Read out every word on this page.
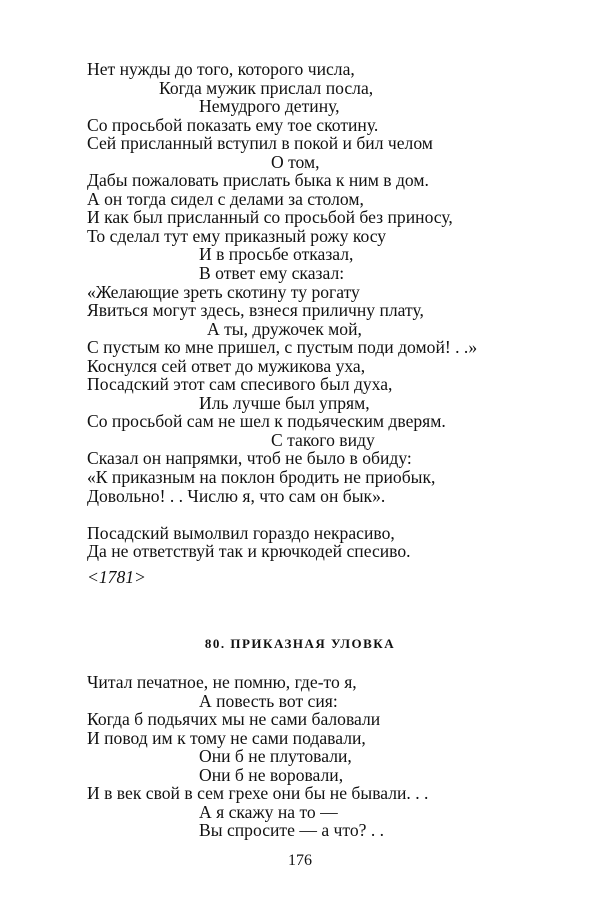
Нет нужды до того, которого числа,
Когда мужик прислал посла,
Немудрого детину,
Со просьбой показать ему тое скотину.
Сей присланный вступил в покой и бил челом
О том,
Дабы пожаловать прислать быка к ним в дом.
А он тогда сидел с делами за столом,
И как был присланный со просьбой без приносу,
То сделал тут ему приказный рожу косу
И в просьбе отказал,
В ответ ему сказал:
«Желающие зреть скотину ту рогату
Явиться могут здесь, взнеся приличну плату,
А ты, дружочек мой,
С пустым ко мне пришел, с пустым поди домой! . .»
Коснулся сей ответ до мужикова уха,
Посадский этот сам спесивого был духа,
Иль лучше был упрям,
Со просьбой сам не шел к подьяческим дверям.
С такого виду
Сказал он напрямки, чтоб не было в обиду:
«К приказным на поклон бродить не приобык,
Довольно! . . Числю я, что сам он бык».
Посадский вымолвил гораздо некрасиво,
Да не ответствуй так и крючкодей спесиво.
<1781>
80. ПРИКАЗНАЯ УЛОВКА
Читал печатное, не помню, где-то я,
А повесть вот сия:
Когда б подьячих мы не сами баловали
И повод им к тому не сами подавали,
Они б не плутовали,
Они б не воровали,
И в век свой в сем грехе они бы не бывали. . .
А я скажу на то —
Вы спросите — а что? . .
176
